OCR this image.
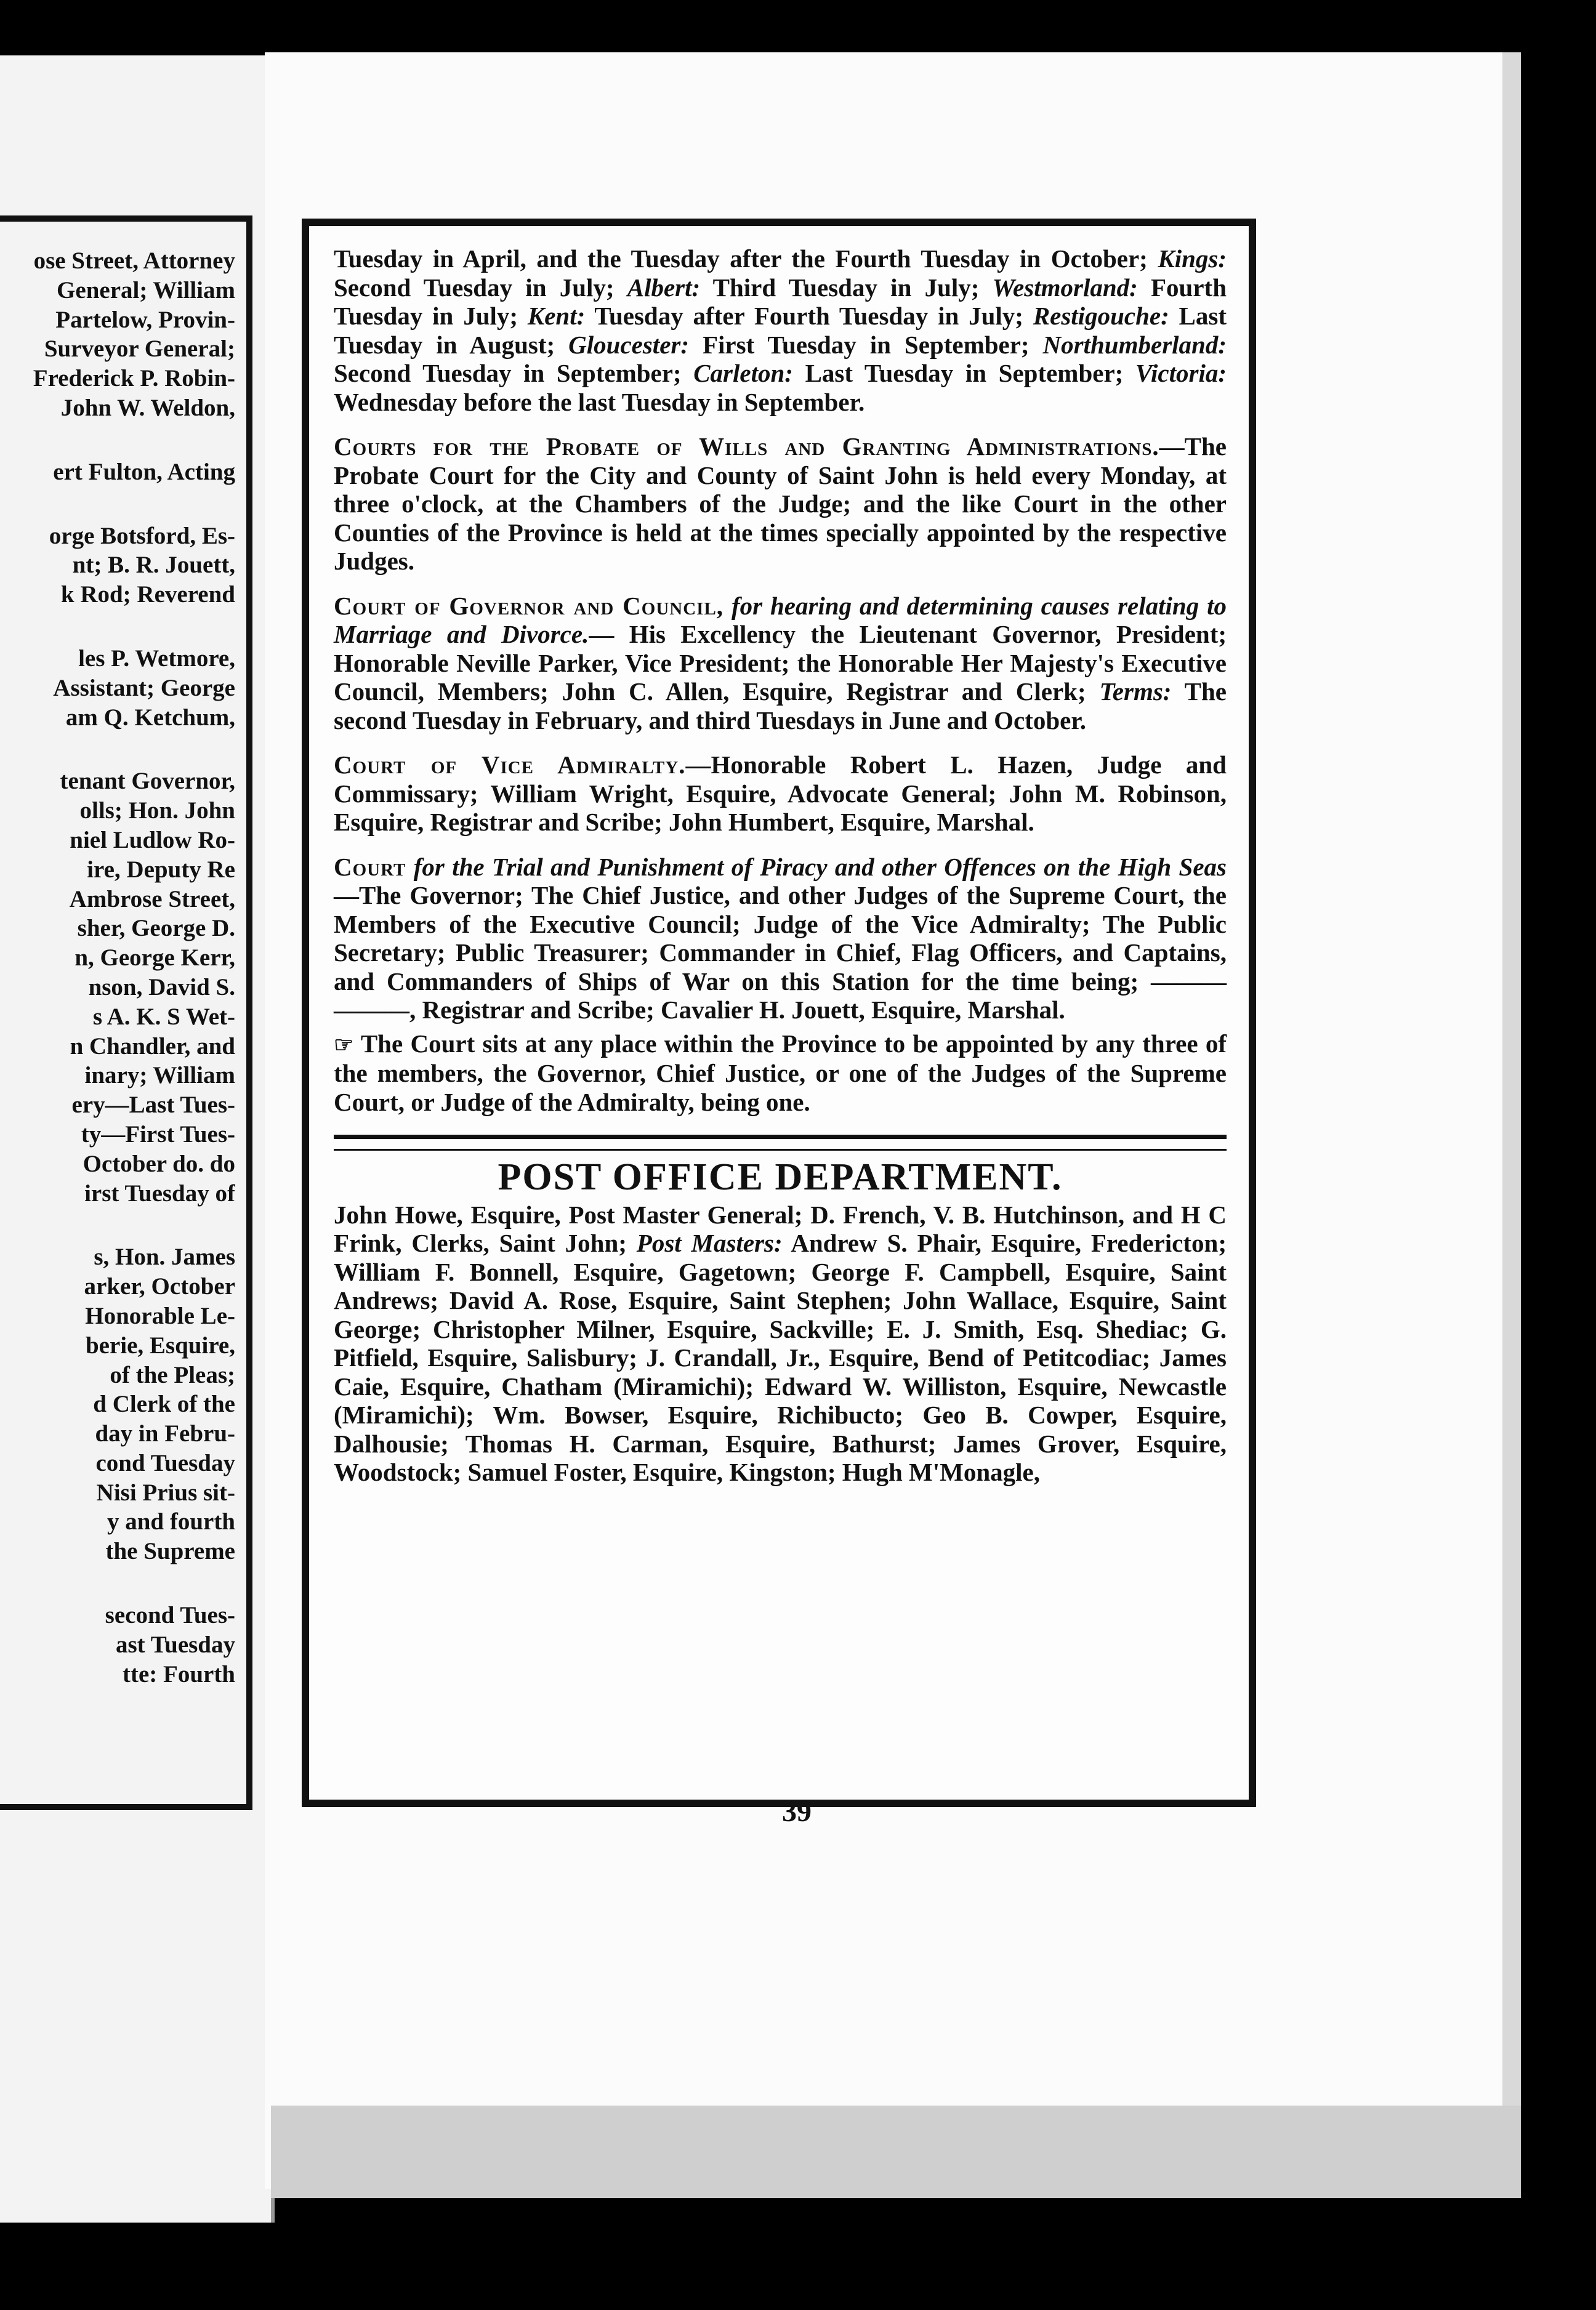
ose Street, Attorney
General; William
Partelow, Provin-
Surveyor General;
Frederick P. Robin-
John W. Weldon,
ert Fulton, Acting
orge Botsford, Es-
nt; B. R. Jouett,
k Rod; Reverend
les P. Wetmore,
Assistant; George
am Q. Ketchum,
tenant Governor,
olls; Hon. John
niel Ludlow Ro-
ire, Deputy Re
Ambrose Street,
sher, George D.
n, George Kerr,
nson, David S.
s A. K. S Wet-
n Chandler, and
inary; William
ery—Last Tues-
ty—First Tues-
October do. do
irst Tuesday of
s, Hon. James
arker, October
Honorable Le-
berie, Esquire,
of the Pleas;
d Clerk of the
day in Febru-
cond Tuesday
Nisi Prius sit-
y and fourth
the Supreme
second Tues-
ast Tuesday
tte: Fourth

Tuesday in April, and the Tuesday after the Fourth Tuesday in October; Kings: Second Tuesday in July; Albert: Third Tuesday in July; Westmorland: Fourth Tuesday in July; Kent: Tuesday after Fourth Tuesday in July; Restigouche: Last Tuesday in August; Gloucester: First Tuesday in September; Northumberland: Second Tuesday in September; Carleton: Last Tuesday in September; Victoria: Wednesday before the last Tuesday in September.

Courts for the Probate of Wills and Granting Administrations.—The Probate Court for the City and County of Saint John is held every Monday, at three o'clock, at the Chambers of the Judge; and the like Court in the other Counties of the Province is held at the times specially appointed by the respective Judges.

Court of Governor and Council, for hearing and determining causes relating to Marriage and Divorce.— His Excellency the Lieutenant Governor, President; Honorable Neville Parker, Vice President; the Honorable Her Majesty's Executive Council, Members; John C. Allen, Esquire, Registrar and Clerk; Terms: The second Tuesday in February, and third Tuesdays in June and October.

Court of Vice Admiralty.—Honorable Robert L. Hazen, Judge and Commissary; William Wright, Esquire, Advocate General; John M. Robinson, Esquire, Registrar and Scribe; John Humbert, Esquire, Marshal.

Court for the Trial and Punishment of Piracy and other Offences on the High Seas —The Governor; The Chief Justice, and other Judges of the Supreme Court, the Members of the Executive Council; Judge of the Vice Admiralty; The Public Secretary; Public Treasurer; Commander in Chief, Flag Officers, and Captains, and Commanders of Ships of War on this Station for the time being; ——— ———, Registrar and Scribe; Cavalier H. Jouett, Esquire, Marshal.

☞ The Court sits at any place within the Province to be appointed by any three of the members, the Governor, Chief Justice, or one of the Judges of the Supreme Court, or Judge of the Admiralty, being one.

POST OFFICE DEPARTMENT.

John Howe, Esquire, Post Master General; D. French, V. B. Hutchinson, and H C Frink, Clerks, Saint John; Post Masters: Andrew S. Phair, Esquire, Fredericton; William F. Bonnell, Esquire, Gagetown; George F. Campbell, Esquire, Saint Andrews; David A. Rose, Esquire, Saint Stephen; John Wallace, Esquire, Saint George; Christopher Milner, Esquire, Sackville; E. J. Smith, Esq. Shediac; G. Pitfield, Esquire, Salisbury; J. Crandall, Jr., Esquire, Bend of Petitcodiac; James Caie, Esquire, Chatham (Miramichi); Edward W. Williston, Esquire, Newcastle (Miramichi); Wm. Bowser, Esquire, Richibucto; Geo B. Cowper, Esquire, Dalhousie; Thomas H. Carman, Esquire, Bathurst; James Grover, Esquire, Woodstock; Samuel Foster, Esquire, Kingston; Hugh M'Monagle,

39
